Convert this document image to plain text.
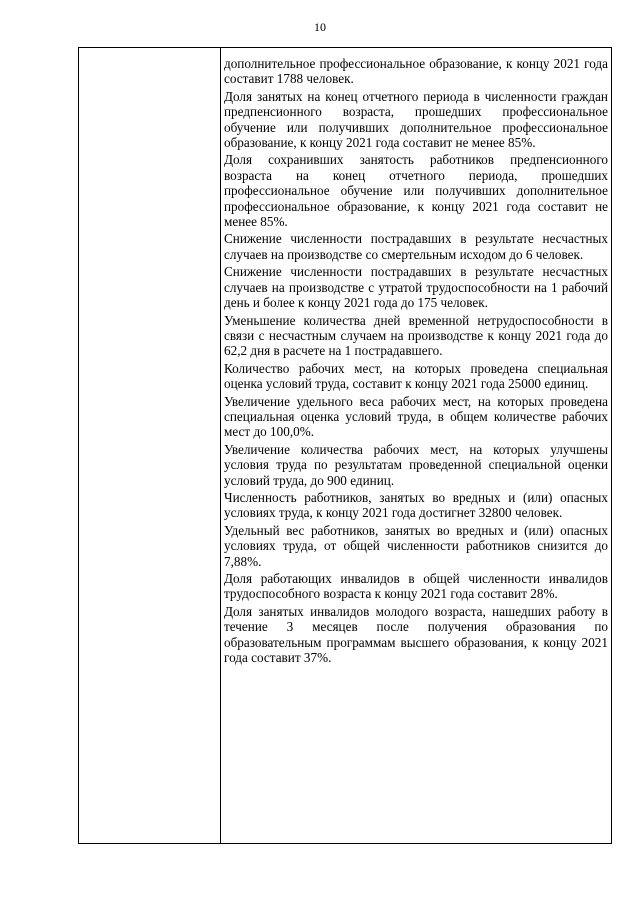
10

дополнительное профессиональное образование, к концу 2021 года составит 1788 человек.

Доля занятых на конец отчетного периода в численности граждан предпенсионного возраста, прошедших профессиональное обучение или получивших дополнительное профессиональное образование, к концу 2021 года составит не менее 85%.

Доля сохранивших занятость работников предпенсионного возраста на конец отчетного периода, прошедших профессиональное обучение или получивших дополнительное профессиональное образование, к концу 2021 года составит не менее 85%.

Снижение численности пострадавших в результате несчастных случаев на производстве со смертельным исходом до 6 человек.

Снижение численности пострадавших в результате несчастных случаев на производстве с утратой трудоспособности на 1 рабочий день и более к концу 2021 года до 175 человек.

Уменьшение количества дней временной нетрудоспособности в связи с несчастным случаем на производстве к концу 2021 года до 62,2 дня в расчете на 1 пострадавшего.

Количество рабочих мест, на которых проведена специальная оценка условий труда, составит к концу 2021 года 25000 единиц.

Увеличение удельного веса рабочих мест, на которых проведена специальная оценка условий труда, в общем количестве рабочих мест до 100,0%.

Увеличение количества рабочих мест, на которых улучшены условия труда по результатам проведенной специальной оценки условий труда, до 900 единиц.

Численность работников, занятых во вредных и (или) опасных условиях труда, к концу 2021 года достигнет 32800 человек.

Удельный вес работников, занятых во вредных и (или) опасных условиях труда, от общей численности работников снизится до 7,88%.

Доля работающих инвалидов в общей численности инвалидов трудоспособного возраста к концу 2021 года составит 28%.

Доля занятых инвалидов молодого возраста, нашедших работу в течение 3 месяцев после получения образования по образовательным программам высшего образования, к концу 2021 года составит 37%.
